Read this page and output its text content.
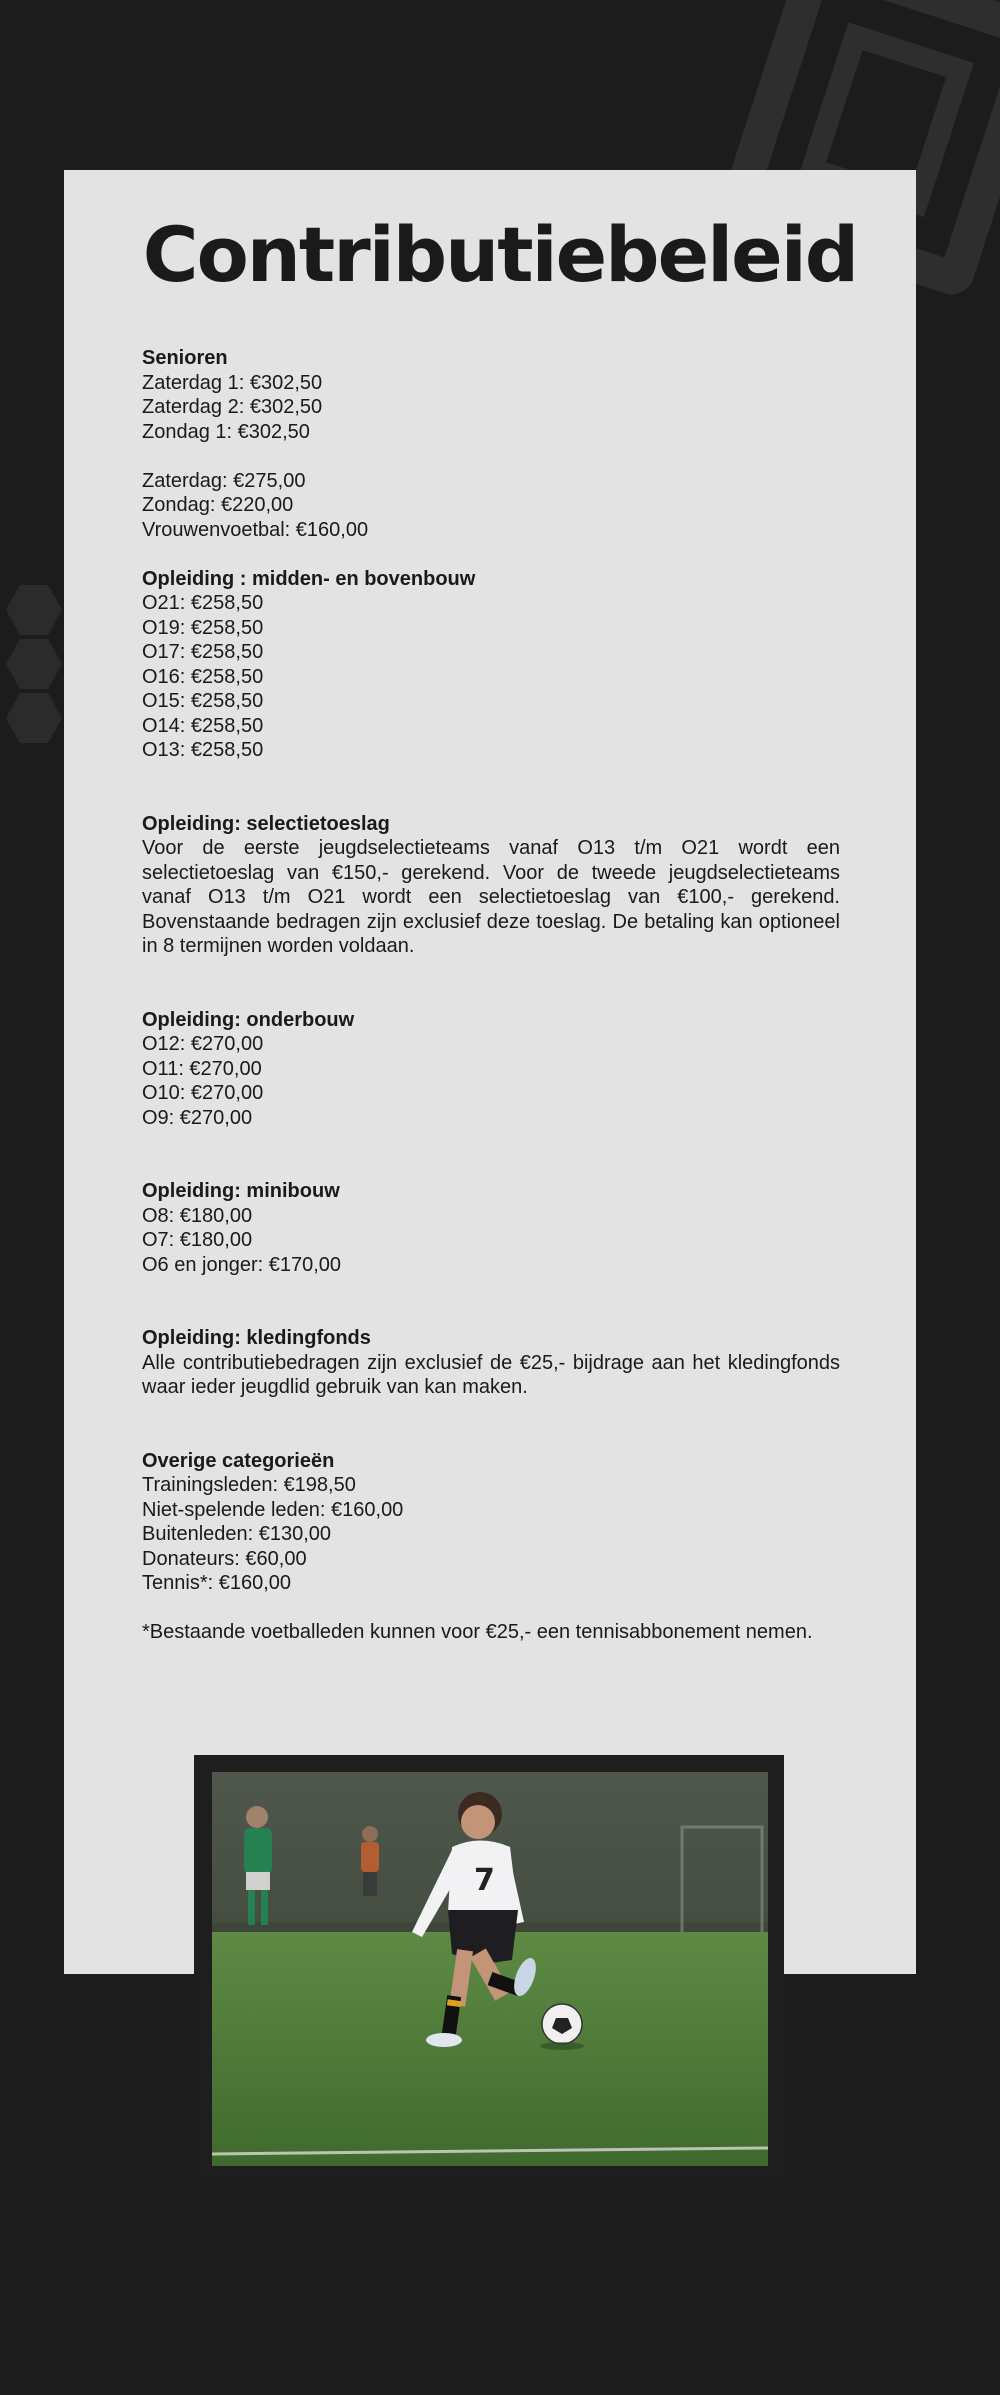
Contributiebeleid
Senioren

Zaterdag 1: €302,50

Zaterdag 2: €302,50

Zondag 1: €302,50

Zaterdag: €275,00

Zondag: €220,00

Vrouwenvoetbal: €160,00

Opleiding : midden- en bovenbouw

O21: €258,50

O19: €258,50

O17: €258,50

O16: €258,50

O15: €258,50

O14: €258,50

O13: €258,50

Opleiding: selectietoeslag

Voor de eerste jeugdselectieteams vanaf O13 t/m O21 wordt een selectietoeslag van €150,- gerekend. Voor de tweede jeugdselectieteams vanaf O13 t/m O21 wordt een selectietoeslag van €100,- gerekend. Bovenstaande bedragen zijn exclusief deze toeslag. De betaling kan optioneel in 8 termijnen worden voldaan.

Opleiding: onderbouw

O12: €270,00

O11: €270,00

O10: €270,00

O9: €270,00

Opleiding: minibouw

O8: €180,00

O7: €180,00

O6 en jonger: €170,00

Opleiding: kledingfonds

Alle contributiebedragen zijn exclusief de €25,- bijdrage aan het kledingfonds waar ieder jeugdlid gebruik van kan maken.

Overige categorieën

Trainingsleden: €198,50

Niet-spelende leden: €160,00

Buitenleden: €130,00

Donateurs: €60,00

Tennis*: €160,00

*Bestaande voetballeden kunnen voor €25,- een tennisabbonement nemen.

7
